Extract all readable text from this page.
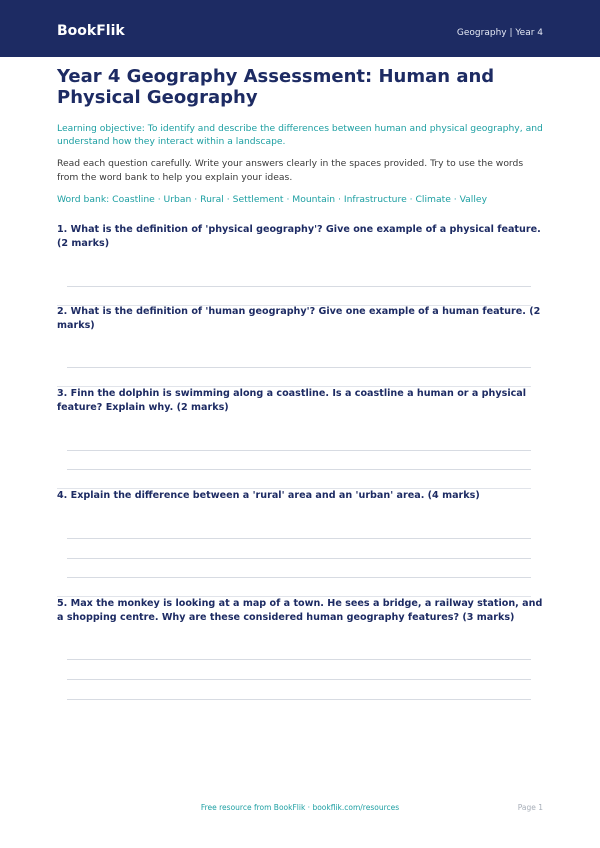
BookFlik	Geography | Year 4
Year 4 Geography Assessment: Human and Physical Geography

Learning objective: To identify and describe the differences between human and physical geography, and understand how they interact within a landscape.

Read each question carefully. Write your answers clearly in the spaces provided. Try to use the words from the word bank to help you explain your ideas.

Word bank: Coastline · Urban · Rural · Settlement · Mountain · Infrastructure · Climate · Valley

1. What is the definition of 'physical geography'? Give one example of a physical feature. (2 marks)
2. What is the definition of 'human geography'? Give one example of a human feature. (2 marks)
3. Finn the dolphin is swimming along a coastline. Is a coastline a human or a physical feature? Explain why. (2 marks)
4. Explain the difference between a 'rural' area and an 'urban' area. (4 marks)
5. Max the monkey is looking at a map of a town. He sees a bridge, a railway station, and a shopping centre. Why are these considered human geography features? (3 marks)
Free resource from BookFlik · bookflik.com/resources	Page 1
